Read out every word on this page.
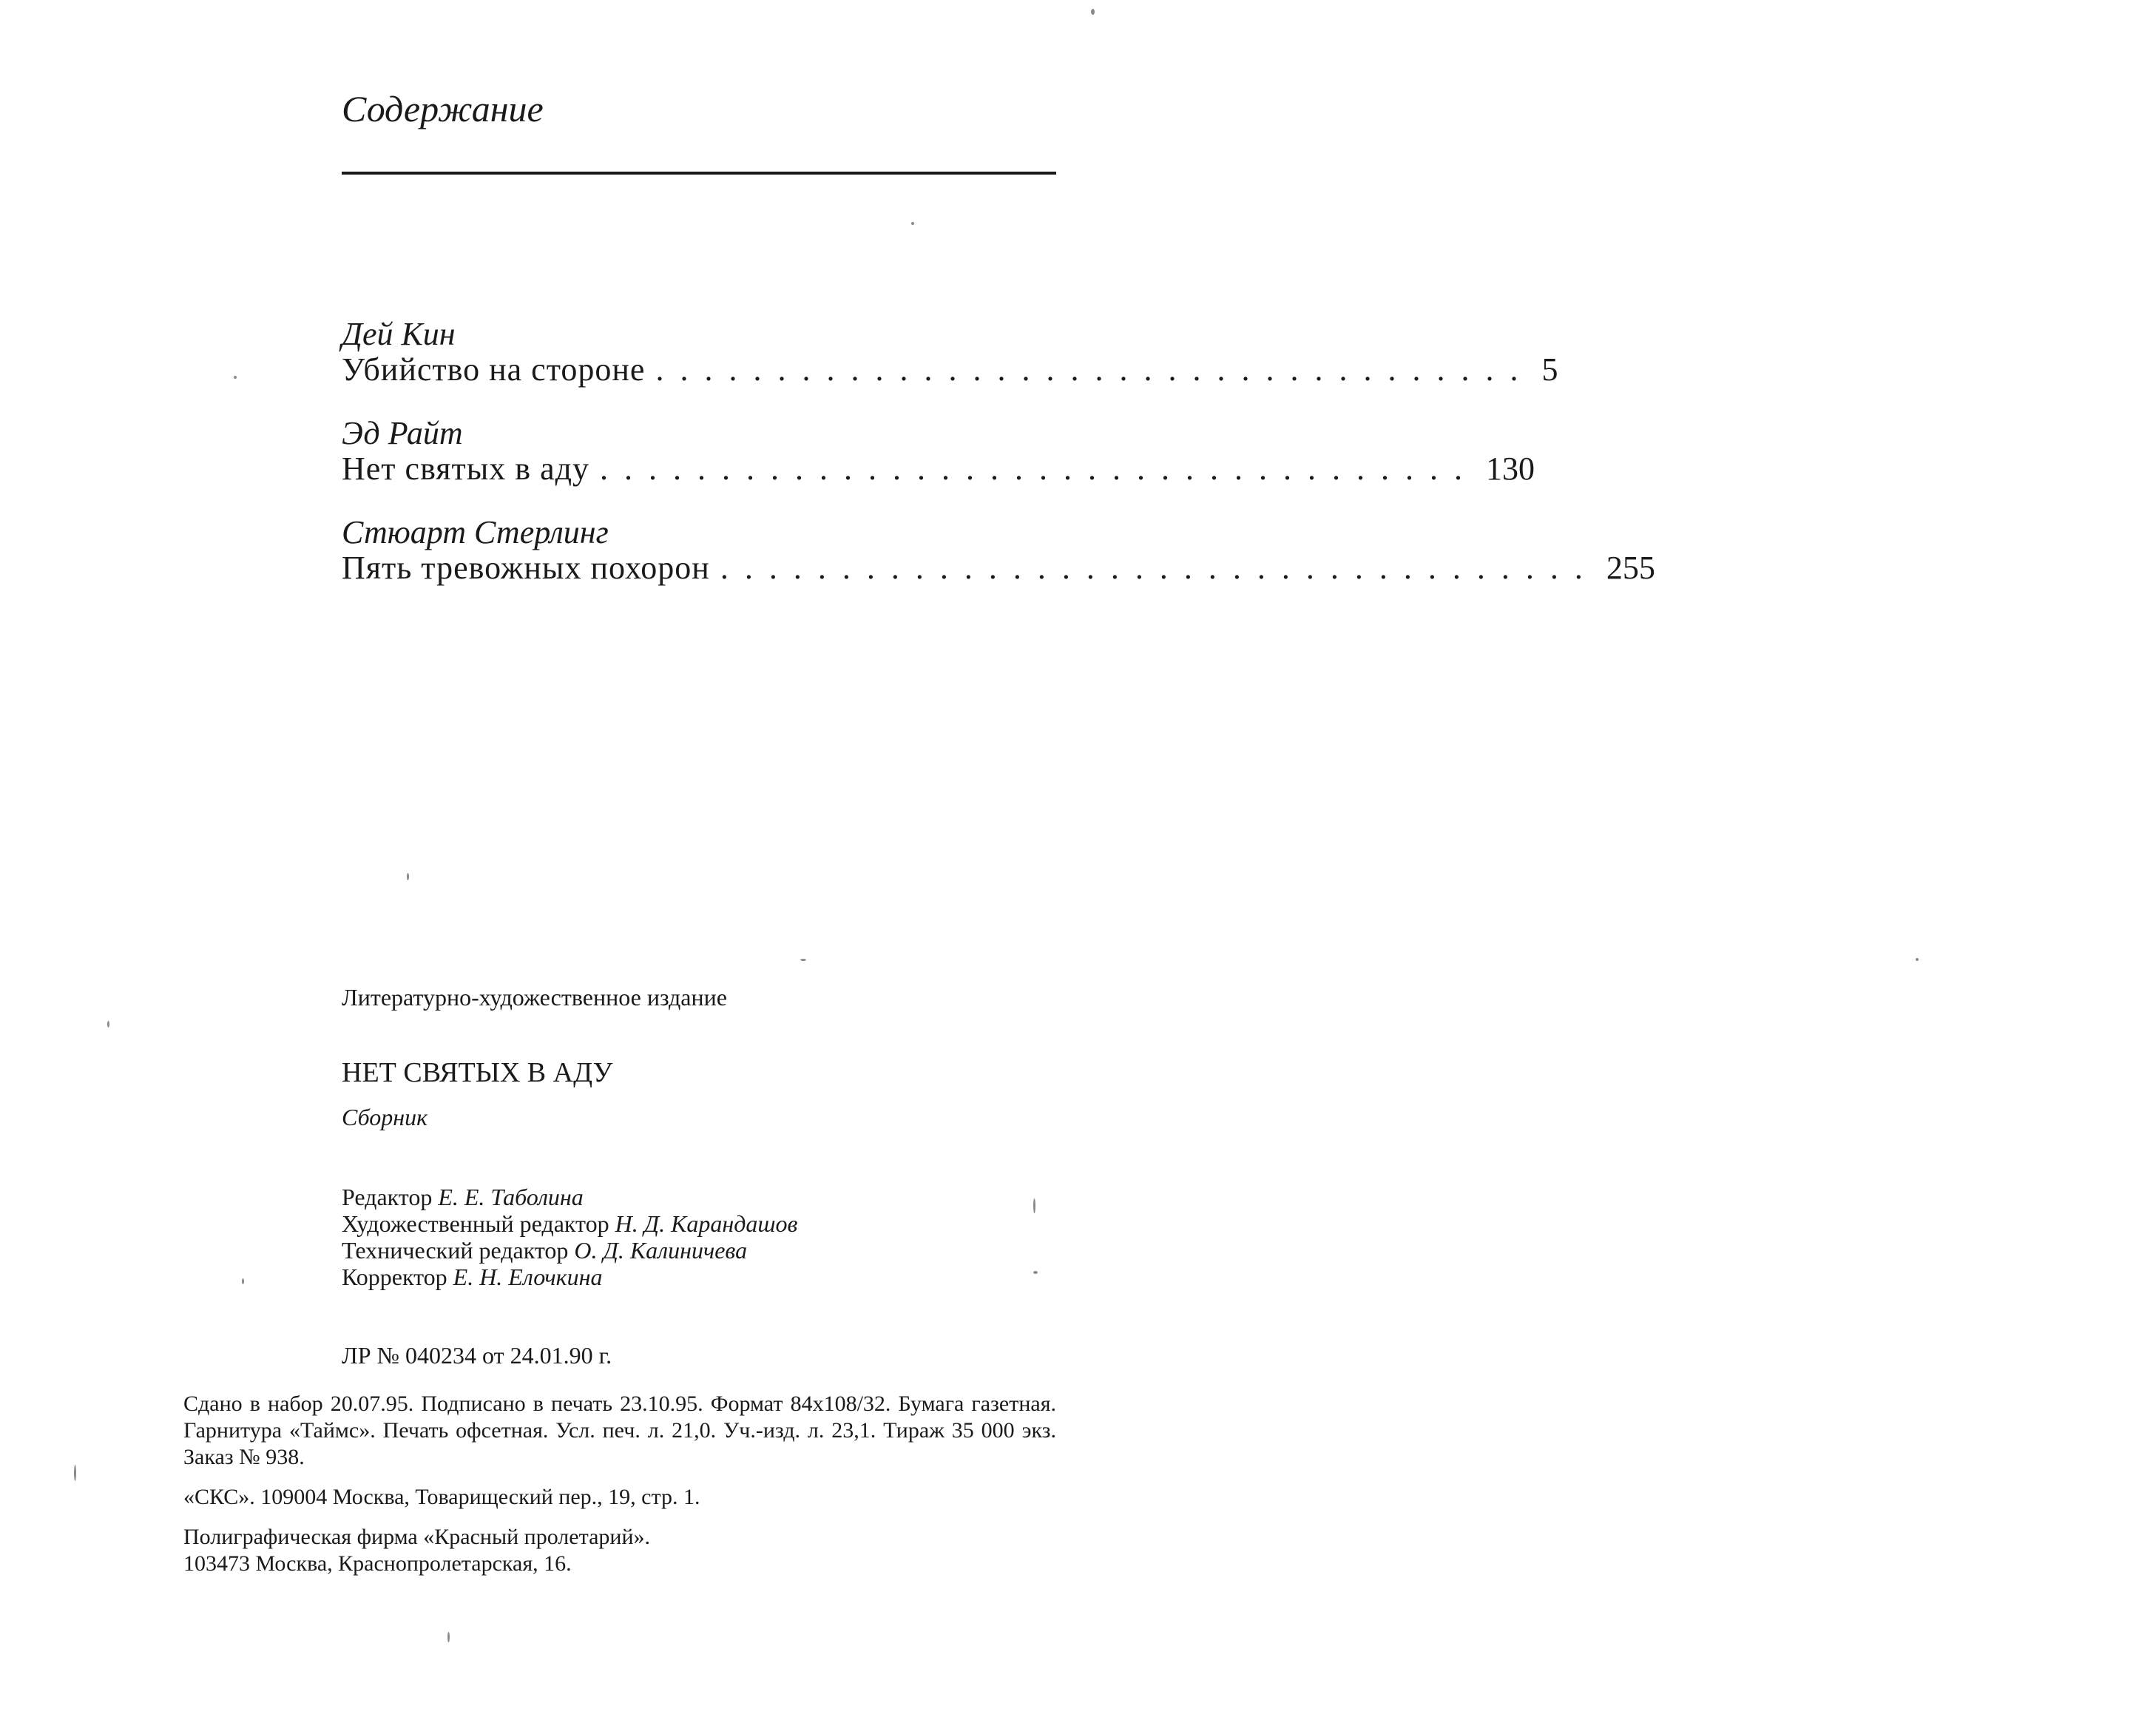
Содержание
Дей Кин
Убийство на стороне .................................... 5
Эд Райт
Нет святых в аду .................................... 130
Стюарт Стерлинг
Пять тревожных похорон .................................... 255
Литературно-художественное издание
НЕТ СВЯТЫХ В АДУ
Сборник
Редактор Е. Е. Таболина
Художественный редактор Н. Д. Карандашов
Технический редактор О. Д. Калиничева
Корректор Е. Н. Елочкина
ЛР № 040234 от 24.01.90 г.
Сдано в набор 20.07.95. Подписано в печать 23.10.95. Формат 84x108/32. Бумага газетная. Гарнитура «Таймс». Печать офсетная. Усл. печ. л. 21,0. Уч.-изд. л. 23,1. Тираж 35 000 экз. Заказ № 938.
«СКС». 109004 Москва, Товарищеский пер., 19, стр. 1.
Полиграфическая фирма «Красный пролетарий».
103473 Москва, Краснопролетарская, 16.
